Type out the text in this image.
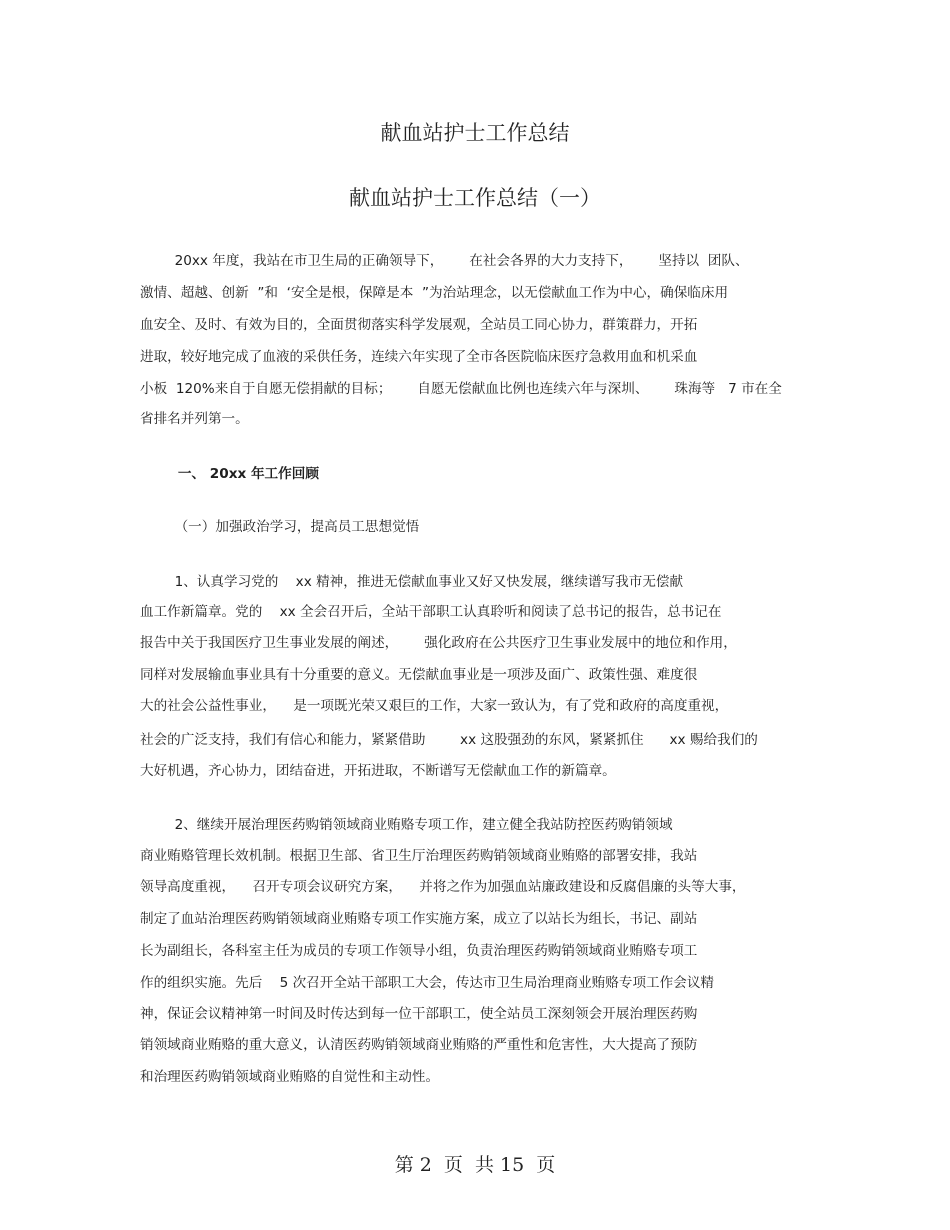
献血站护士工作总结
献血站护士工作总结（一）
20xx 年度，我站在市卫生局的正确领导下，      在社会各界的大力支持下，      坚持以  团队、
激情、超越、创新  ”和  ‘安全是根，保障是本  ”为治站理念，以无偿献血工作为中心，确保临床用
血安全、及时、有效为目的，全面贯彻落实科学发展观，全站员工同心协力，群策群力，开拓
进取，较好地完成了血液的采供任务，连续六年实现了全市各医院临床医疗急救用血和机采血
小板  120%来自于自愿无偿捐献的目标；      自愿无偿献血比例也连续六年与深圳、      珠海等   7 市在全
省排名并列第一。
一、 20xx 年工作回顾
（一）加强政治学习，提高员工思想觉悟
1、认真学习党的    xx 精神，推进无偿献血事业又好又快发展，继续谱写我市无偿献
血工作新篇章。党的    xx 全会召开后，全站干部职工认真聆听和阅读了总书记的报告，总书记在
报告中关于我国医疗卫生事业发展的阐述，      强化政府在公共医疗卫生事业发展中的地位和作用，
同样对发展输血事业具有十分重要的意义。无偿献血事业是一项涉及面广、政策性强、难度很
大的社会公益性事业，    是一项既光荣又艰巨的工作，大家一致认为，有了党和政府的高度重视，
社会的广泛支持，我们有信心和能力，紧紧借助        xx 这股强劲的东风，紧紧抓住      xx 赐给我们的
大好机遇，齐心协力，团结奋进，开拓进取，不断谱写无偿献血工作的新篇章。
2、继续开展治理医药购销领域商业贿赂专项工作，建立健全我站防控医药购销领域
商业贿赂管理长效机制。根据卫生部、省卫生厅治理医药购销领域商业贿赂的部署安排，我站
领导高度重视，    召开专项会议研究方案，    并将之作为加强血站廉政建设和反腐倡廉的头等大事，
制定了血站治理医药购销领域商业贿赂专项工作实施方案，成立了以站长为组长，书记、副站
长为副组长，各科室主任为成员的专项工作领导小组，负责治理医药购销领域商业贿赂专项工
作的组织实施。先后    5 次召开全站干部职工大会，传达市卫生局治理商业贿赂专项工作会议精
神，保证会议精神第一时间及时传达到每一位干部职工，使全站员工深刻领会开展治理医药购
销领域商业贿赂的重大意义，认清医药购销领域商业贿赂的严重性和危害性，大大提高了预防
和治理医药购销领域商业贿赂的自觉性和主动性。
第 2  页  共 15  页
